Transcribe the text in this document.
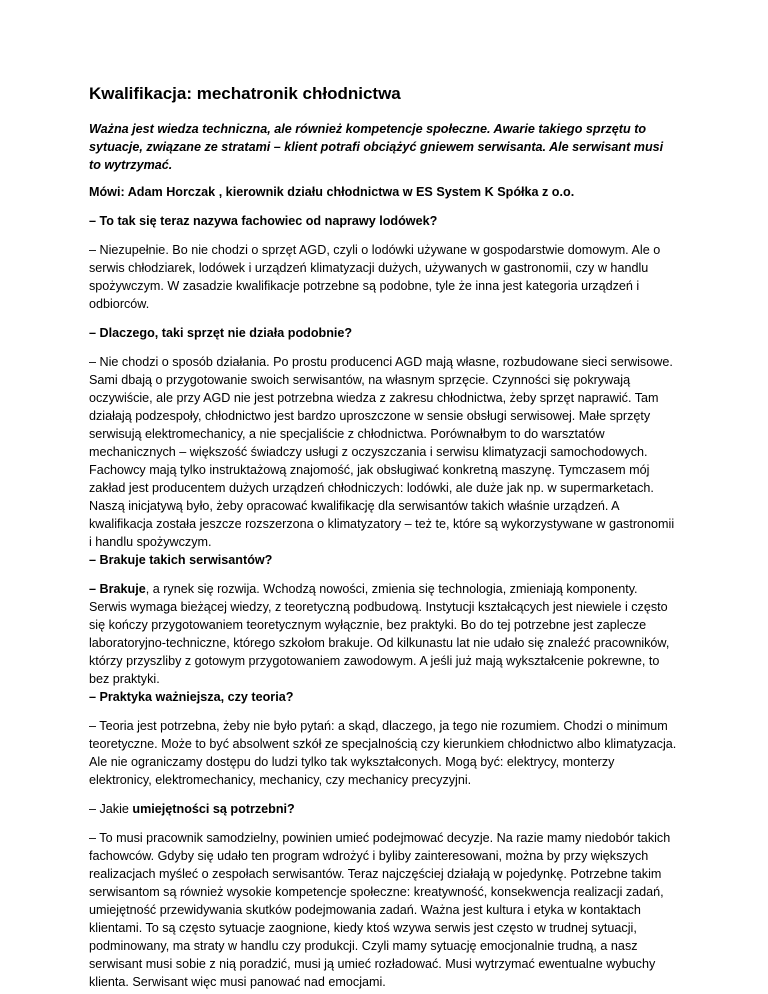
Kwalifikacja: mechatronik chłodnictwa

Ważna jest wiedza techniczna, ale również kompetencje społeczne. Awarie takiego sprzętu to sytuacje, związane ze stratami – klient potrafi obciążyć gniewem serwisanta. Ale serwisant musi to wytrzymać.

Mówi: Adam Horczak , kierownik działu chłodnictwa w ES System K Spółka z o.o.

– To tak się teraz nazywa fachowiec od naprawy lodówek?

– Niezupełnie. Bo nie chodzi o sprzęt AGD, czyli o lodówki używane w gospodarstwie domowym. Ale o serwis chłodziarek, lodówek i urządzeń klimatyzacji dużych, używanych w gastronomii, czy w handlu spożywczym. W zasadzie kwalifikacje potrzebne są podobne, tyle że inna jest kategoria urządzeń i odbiorców.

– Dlaczego, taki sprzęt nie działa podobnie?

– Nie chodzi o sposób działania. Po prostu producenci AGD mają własne, rozbudowane sieci serwisowe. Sami dbają o przygotowanie swoich serwisantów, na własnym sprzęcie. Czynności się pokrywają oczywiście, ale przy AGD nie jest potrzebna wiedza z zakresu chłodnictwa, żeby sprzęt naprawić. Tam działają podzespoły, chłodnictwo jest bardzo uproszczone w sensie obsługi serwisowej. Małe sprzęty serwisują elektromechanicy, a nie specjaliście z chłodnictwa. Porównałbym to do warsztatów mechanicznych – większość świadczy usługi z oczyszczania i serwisu klimatyzacji samochodowych. Fachowcy mają tylko instruktażową znajomość, jak obsługiwać konkretną maszynę. Tymczasem mój zakład jest producentem dużych urządzeń chłodniczych: lodówki, ale duże jak np. w supermarketach. Naszą inicjatywą było, żeby opracować kwalifikację dla serwisantów takich właśnie urządzeń. A kwalifikacja została jeszcze rozszerzona o klimatyzatory – też te, które są wykorzystywane w gastronomii i handlu spożywczym.

– Brakuje takich serwisantów?

– Brakuje, a rynek się rozwija. Wchodzą nowości, zmienia się technologia, zmieniają komponenty. Serwis wymaga bieżącej wiedzy, z teoretyczną podbudową. Instytucji kształcących jest niewiele i często się kończy przygotowaniem teoretycznym wyłącznie, bez praktyki. Bo do tej potrzebne jest zaplecze laboratoryjno-techniczne, którego szkołom brakuje. Od kilkunastu lat nie udało się znaleźć pracowników, którzy przyszliby z gotowym przygotowaniem zawodowym. A jeśli już mają wykształcenie pokrewne, to bez praktyki.

– Praktyka ważniejsza, czy teoria?

– Teoria jest potrzebna, żeby nie było pytań: a skąd, dlaczego, ja tego nie rozumiem. Chodzi o minimum teoretyczne. Może to być absolwent szkół ze specjalnością czy kierunkiem chłodnictwo albo klimatyzacja. Ale nie ograniczamy dostępu do ludzi tylko tak wykształconych. Mogą być: elektrycy, monterzy elektronicy, elektromechanicy, mechanicy, czy mechanicy precyzyjni.

– Jakie umiejętności są potrzebni?

– To musi pracownik samodzielny, powinien umieć podejmować decyzje. Na razie mamy niedobór takich fachowców. Gdyby się udało ten program wdrożyć i byliby zainteresowani, można by przy większych realizacjach myśleć o zespołach serwisantów. Teraz najczęściej działają w pojedynkę. Potrzebne takim serwisantom są również wysokie kompetencje społeczne: kreatywność, konsekwencja realizacji zadań, umiejętność przewidywania skutków podejmowania zadań. Ważna jest kultura i etyka w kontaktach klientami. To są często sytuacje zaognione, kiedy ktoś wzywa serwis jest często w trudnej sytuacji, podminowany, ma straty w handlu czy produkcji. Czyli mamy sytuację emocjonalnie trudną, a nasz serwisant musi sobie z nią poradzić, musi ją umieć rozładować. Musi wytrzymać ewentualne wybuchy klienta. Serwisant więc musi panować nad emocjami.
